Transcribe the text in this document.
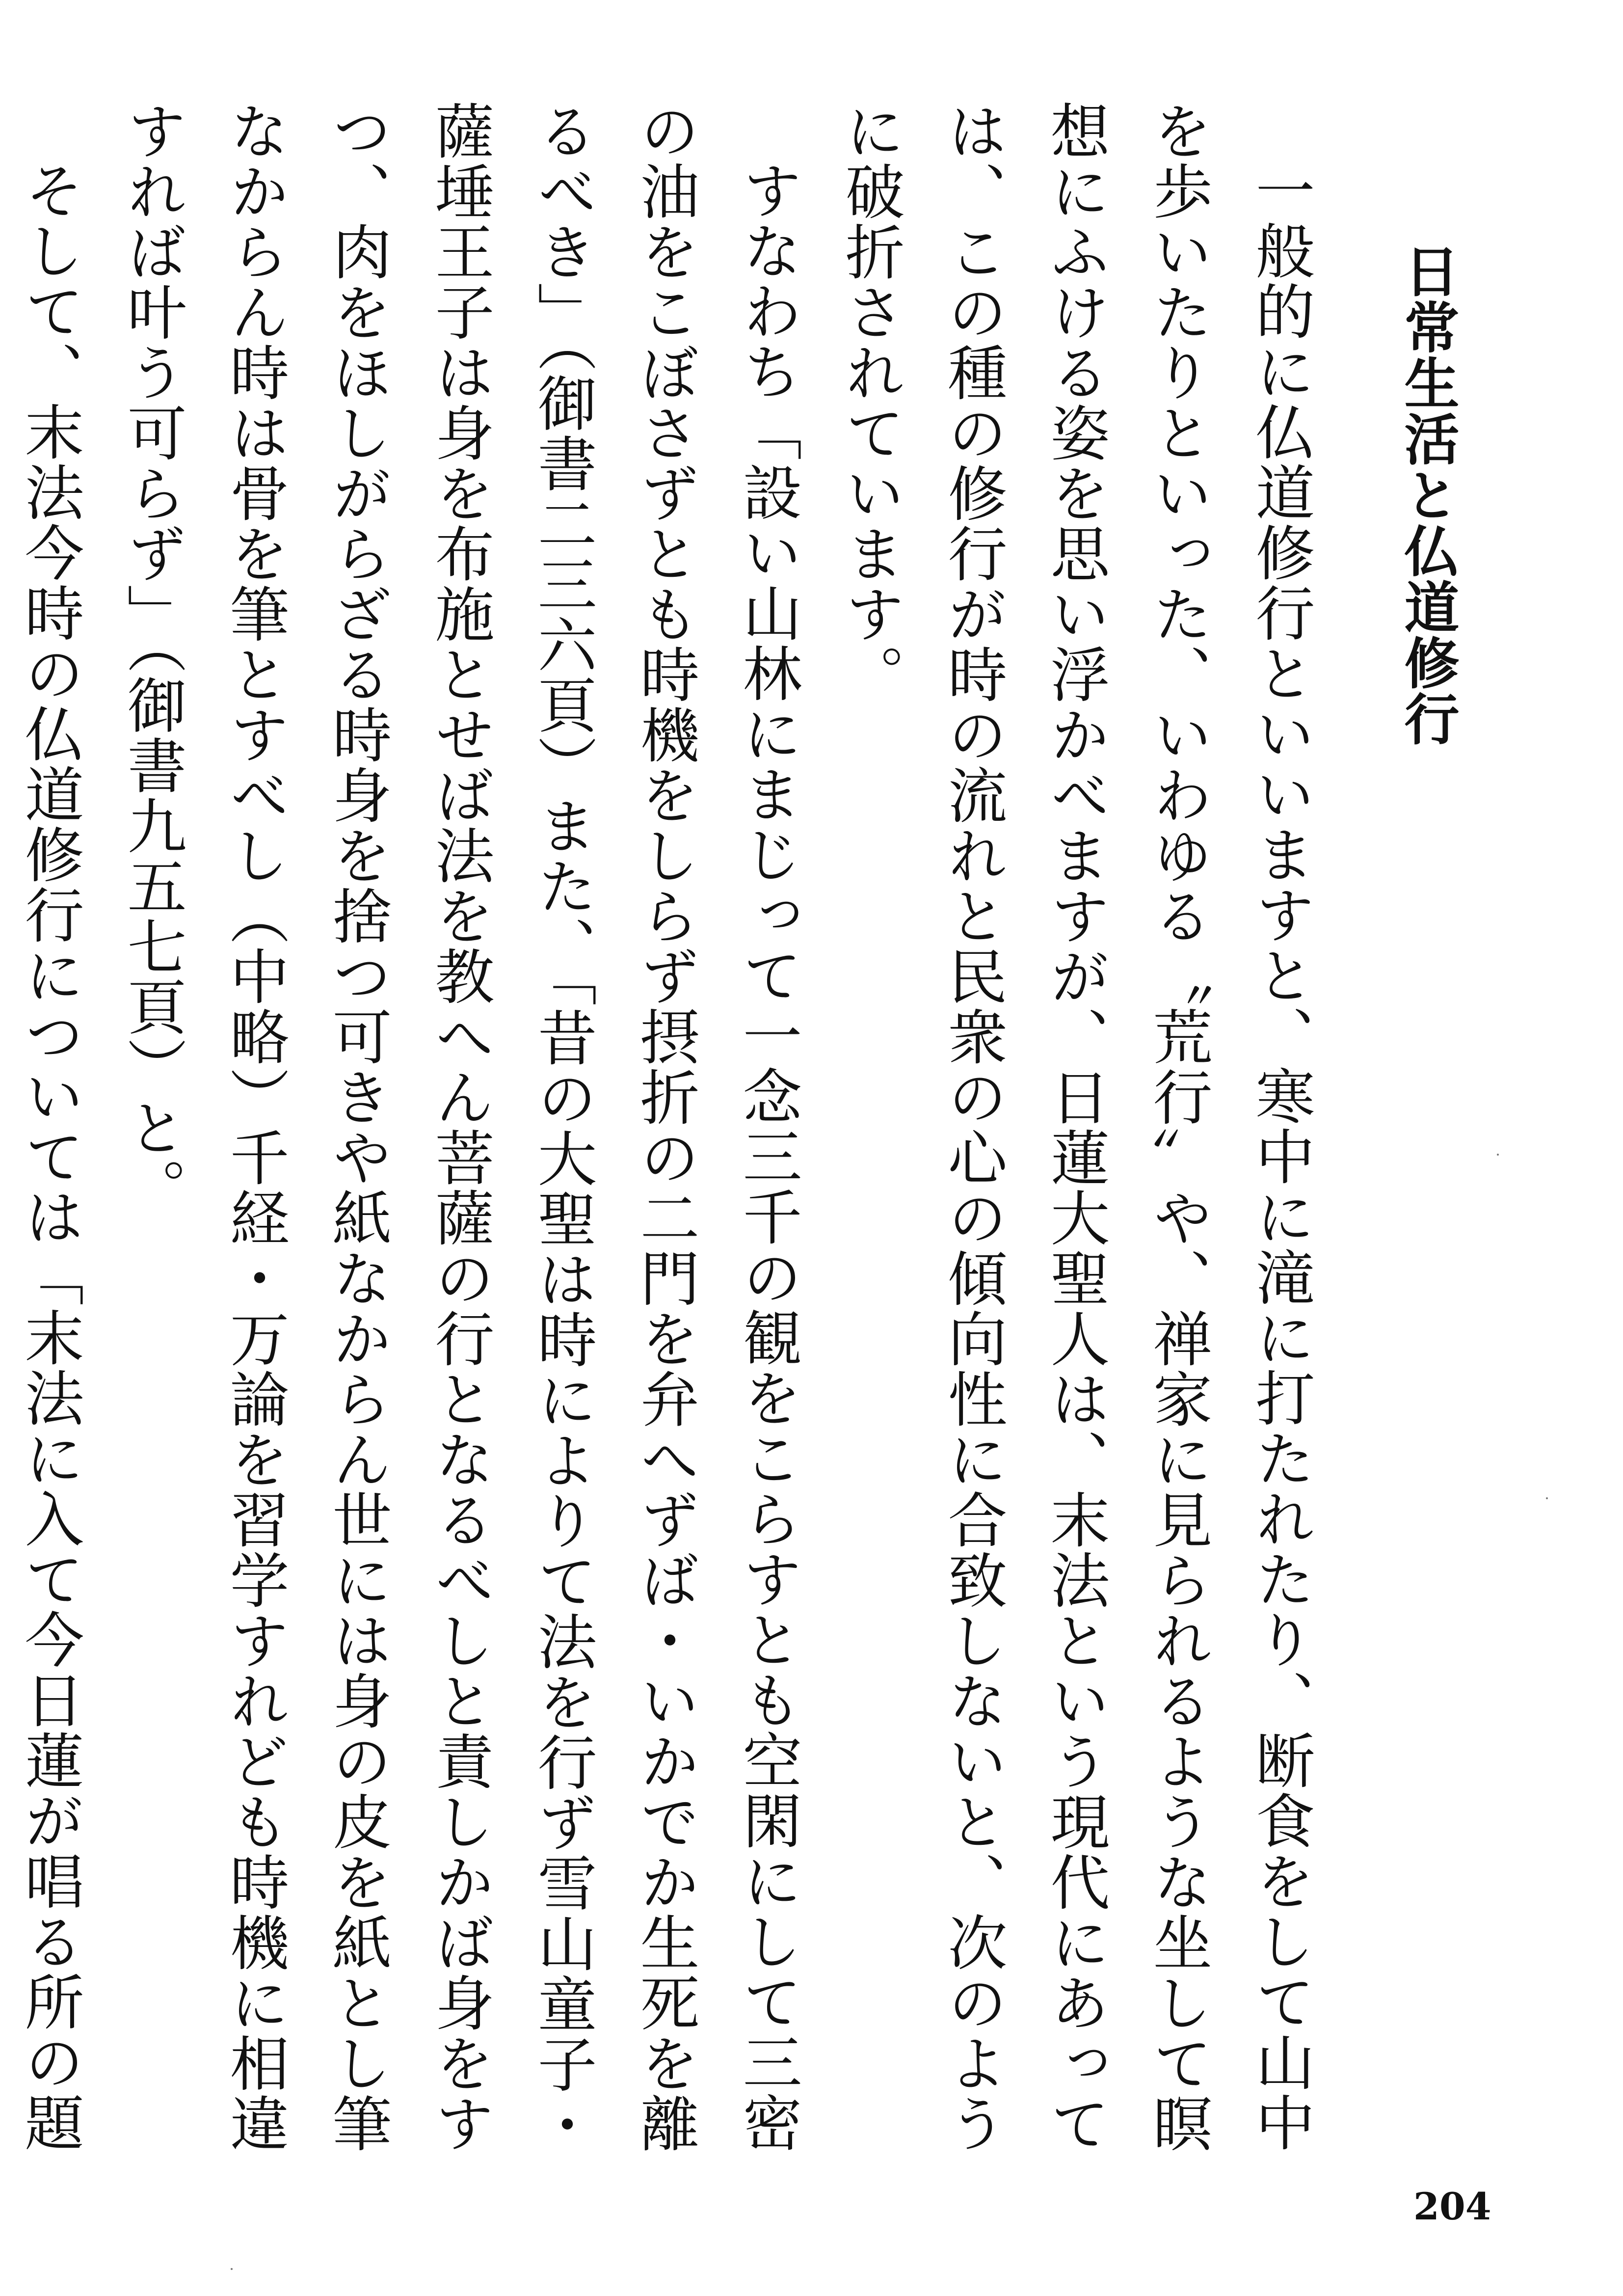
日常生活と仏道修行

一般的に仏道修行といいますと、寒中に滝に打たれたり、断食をして山中を歩いたりといった、いわゆる〝荒行〟や、禅家に見られるような坐して瞑想にふける姿を思い浮かべますが、日蓮大聖人は、末法という現代にあっては、この種の修行が時の流れと民衆の心の傾向性に合致しないと、次のように破折されています。

すなわち「設い山林にまじって一念三千の観をこらすとも空閑にして三密の油をこぼさずとも時機をしらず摂折の二門を弁へずば・いかでか生死を離るべき」（御書二三六頁）また、「昔の大聖は時によりて法を行ず雪山童子・薩埵王子は身を布施とせば法を教へん菩薩の行となるべしと責しかば身をすつ、肉をほしがらざる時身を捨つ可きや紙なからん世には身の皮を紙とし筆なからん時は骨を筆とすべし（中略）千経・万論を習学すれども時機に相違すれば叶う可らず」（御書九五七頁）と。

そして、末法今時の仏道修行については「末法に入て今日蓮が唱る所の題

204
